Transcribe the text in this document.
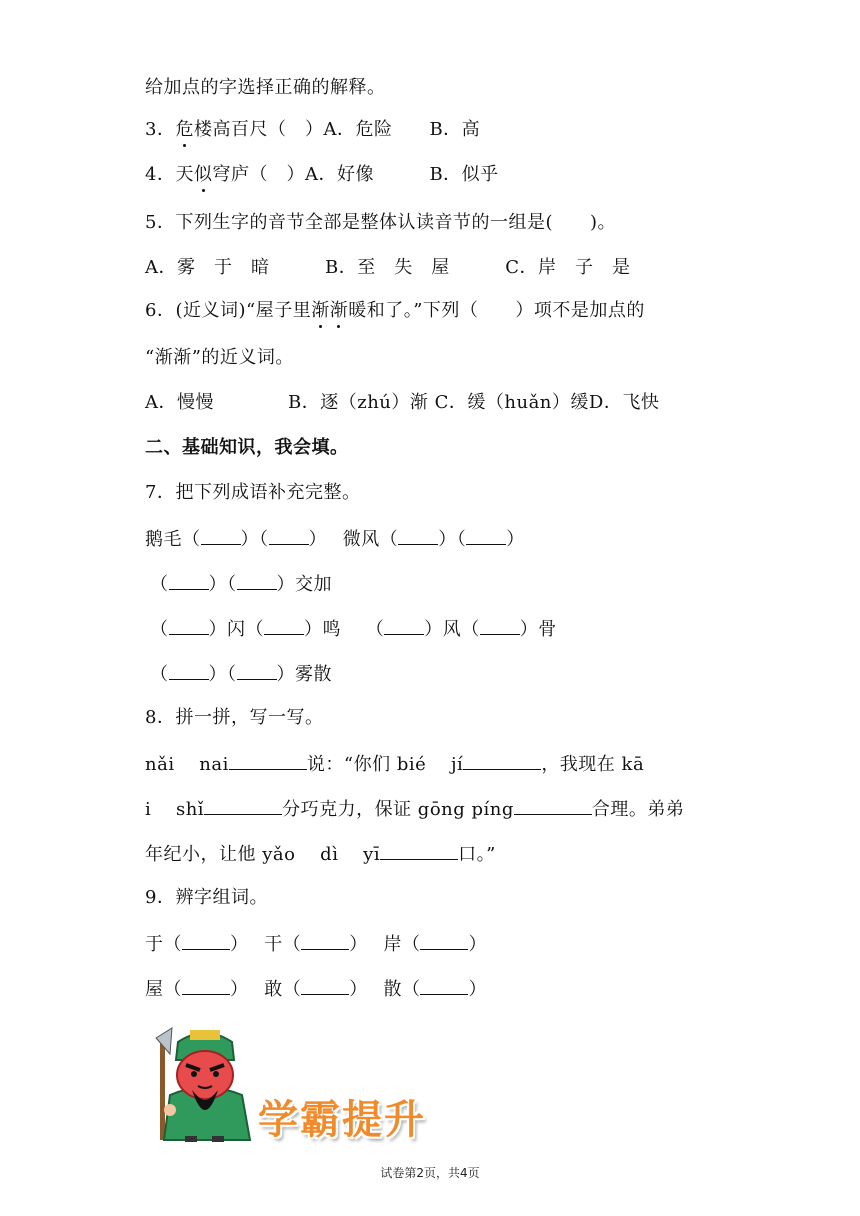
给加点的字选择正确的解释。
3．危楼高百尺（　）A．危险　　B．高
4．天似穹庐（　）A．好像　　　B．似乎
5．下列生字的音节全部是整体认读音节的一组是(　　)。
A．雾　于　暗　　　B．至　失　屋　　　C．岸　子　是
6．(近义词)“屋子里渐渐暖和了。”下列（　　）项不是加点的
“渐渐”的近义词。
A．慢慢　　　　B．逐（zhú）渐 C．缓（huǎn）缓D．飞快
二、基础知识，我会填。
7．把下列成语补充完整。
鹅毛（ ）（ ）　 微风（ ）（ ）
（ ）（ ）交加
（ ）闪（ ）鸣　 （ ）风（ ）骨
（ ）（ ）雾散
8．拼一拼，写一写。
nǎi　 nai	说：“你们 bié　 jí	，我现在 kā
i　 shǐ	分巧克力，保证 gōng píng	合理。弟弟
年纪小，让他 yǎo　 dì　 yī	口。”
9．辨字组词。
于（	）　 干（	）　 岸（	）
屋（	）　 敢（	）　 散（	）
学霸提升
试卷第2页，共4页
